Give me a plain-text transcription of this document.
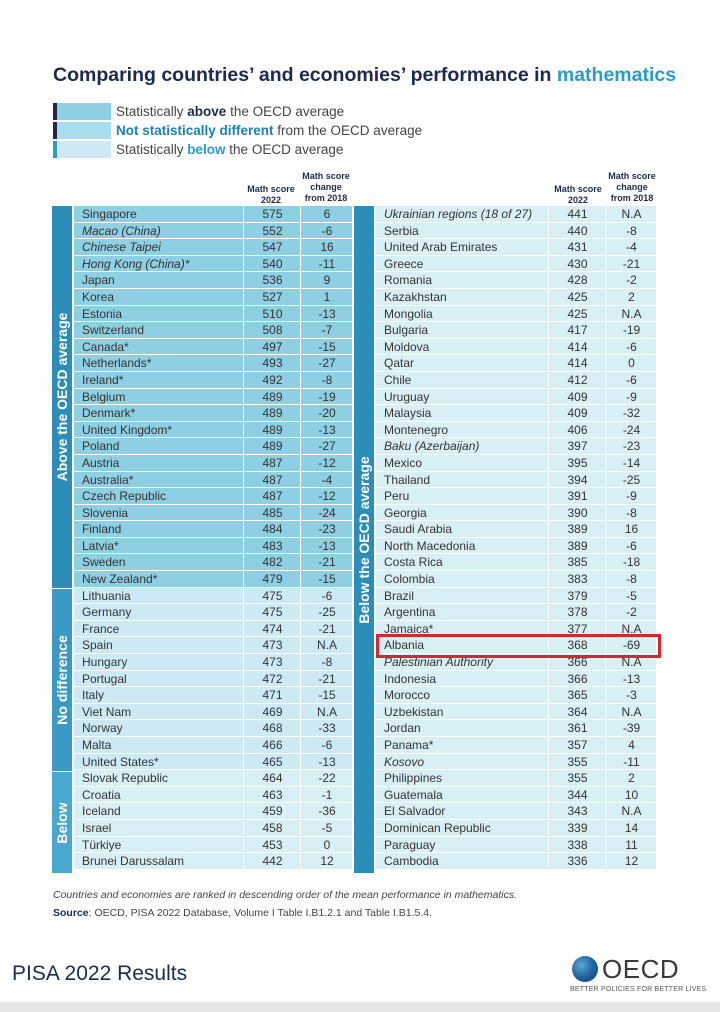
Comparing countries’ and economies’ performance in mathematics
Statistically above the OECD average
Not statistically different from the OECD average
Statistically below the OECD average
Math score 2022
Math score change from 2018
Math score 2022
Math score change from 2018
Above the OECD average
No difference
Below
Below the OECD average
Singapore	575	6
Macao (China)	552	-6
Chinese Taipei	547	16
Hong Kong (China)*	540	-11
Japan	536	9
Korea	527	1
Estonia	510	-13
Switzerland	508	-7
Canada*	497	-15
Netherlands*	493	-27
Ireland*	492	-8
Belgium	489	-19
Denmark*	489	-20
United Kingdom*	489	-13
Poland	489	-27
Austria	487	-12
Australia*	487	-4
Czech Republic	487	-12
Slovenia	485	-24
Finland	484	-23
Latvia*	483	-13
Sweden	482	-21
New Zealand*	479	-15
Lithuania	475	-6
Germany	475	-25
France	474	-21
Spain	473	N.A
Hungary	473	-8
Portugal	472	-21
Italy	471	-15
Viet Nam	469	N.A
Norway	468	-33
Malta	466	-6
United States*	465	-13
Slovak Republic	464	-22
Croatia	463	-1
Iceland	459	-36
Israel	458	-5
Türkiye	453	0
Brunei Darussalam	442	12
Ukrainian regions (18 of 27)	441	N.A
Serbia	440	-8
United Arab Emirates	431	-4
Greece	430	-21
Romania	428	-2
Kazakhstan	425	2
Mongolia	425	N.A
Bulgaria	417	-19
Moldova	414	-6
Qatar	414	0
Chile	412	-6
Uruguay	409	-9
Malaysia	409	-32
Montenegro	406	-24
Baku (Azerbaijan)	397	-23
Mexico	395	-14
Thailand	394	-25
Peru	391	-9
Georgia	390	-8
Saudi Arabia	389	16
North Macedonia	389	-6
Costa Rica	385	-18
Colombia	383	-8
Brazil	379	-5
Argentina	378	-2
Jamaica*	377	N.A
Albania	368	-69
Palestinian Authority	366	N.A
Indonesia	366	-13
Morocco	365	-3
Uzbekistan	364	N.A
Jordan	361	-39
Panama*	357	4
Kosovo	355	-11
Philippines	355	2
Guatemala	344	10
El Salvador	343	N.A
Dominican Republic	339	14
Paraguay	338	11
Cambodia	336	12
Countries and economies are ranked in descending order of the mean performance in mathematics.
Source: OECD, PISA 2022 Database, Volume I Table I.B1.2.1 and Table I.B1.5.4.
PISA 2022 Results	OECD
BETTER POLICIES FOR BETTER LIVES
